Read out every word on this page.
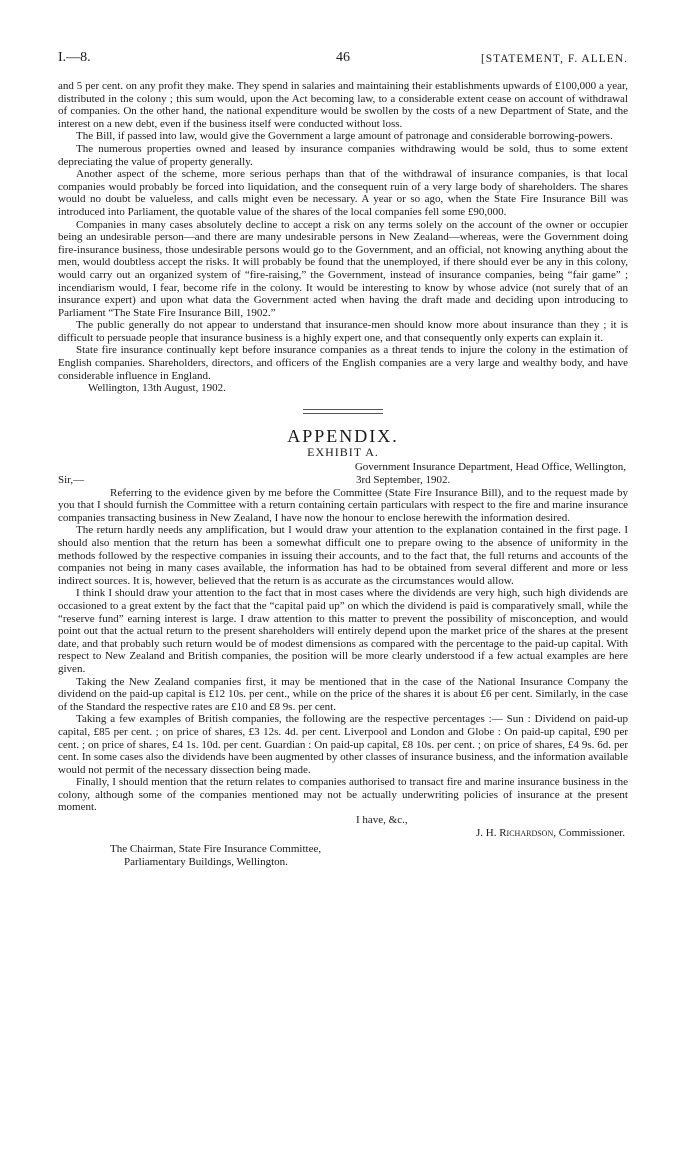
I.—8.	46	[STATEMENT, F. ALLEN.

and 5 per cent. on any profit they make. They spend in salaries and maintaining their establishments upwards of £100,000 a year, distributed in the colony ; this sum would, upon the Act becoming law, to a considerable extent cease on account of withdrawal of companies. On the other hand, the national expenditure would be swollen by the costs of a new Department of State, and the interest on a new debt, even if the business itself were conducted without loss.

The Bill, if passed into law, would give the Government a large amount of patronage and considerable borrowing-powers.

The numerous properties owned and leased by insurance companies withdrawing would be sold, thus to some extent depreciating the value of property generally.

Another aspect of the scheme, more serious perhaps than that of the withdrawal of insurance companies, is that local companies would probably be forced into liquidation, and the consequent ruin of a very large body of shareholders. The shares would no doubt be valueless, and calls might even be necessary. A year or so ago, when the State Fire Insurance Bill was introduced into Parliament, the quotable value of the shares of the local companies fell some £90,000.

Companies in many cases absolutely decline to accept a risk on any terms solely on the account of the owner or occupier being an undesirable person—and there are many undesirable persons in New Zealand—whereas, were the Government doing fire-insurance business, those undesirable persons would go to the Government, and an official, not knowing anything about the men, would doubtless accept the risks. It will probably be found that the unemployed, if there should ever be any in this colony, would carry out an organized system of “fire-raising,” the Government, instead of insurance companies, being “fair game” ; incendiarism would, I fear, become rife in the colony. It would be interesting to know by whose advice (not surely that of an insurance expert) and upon what data the Government acted when having the draft made and deciding upon introducing to Parliament “The State Fire Insurance Bill, 1902.”

The public generally do not appear to understand that insurance-men should know more about insurance than they ; it is difficult to persuade people that insurance business is a highly expert one, and that consequently only experts can explain it.

State fire insurance continually kept before insurance companies as a threat tends to injure the colony in the estimation of English companies. Shareholders, directors, and officers of the English companies are a very large and wealthy body, and have considerable influence in England.

Wellington, 13th August, 1902.

APPENDIX.
EXHIBIT A.
Government Insurance Department, Head Office, Wellington,
Sir,—	3rd September, 1902.

Referring to the evidence given by me before the Committee (State Fire Insurance Bill), and to the request made by you that I should furnish the Committee with a return containing certain particulars with respect to the fire and marine insurance companies transacting business in New Zealand, I have now the honour to enclose herewith the information desired.

The return hardly needs any amplification, but I would draw your attention to the explanation contained in the first page. I should also mention that the return has been a somewhat difficult one to prepare owing to the absence of uniformity in the methods followed by the respective companies in issuing their accounts, and to the fact that, the full returns and accounts of the companies not being in many cases available, the information has had to be obtained from several different and more or less indirect sources. It is, however, believed that the return is as accurate as the circumstances would allow.

I think I should draw your attention to the fact that in most cases where the dividends are very high, such high dividends are occasioned to a great extent by the fact that the “capital paid up” on which the dividend is paid is comparatively small, while the “reserve fund” earning interest is large. I draw attention to this matter to prevent the possibility of misconception, and would point out that the actual return to the present shareholders will entirely depend upon the market price of the shares at the present date, and that probably such return would be of modest dimensions as compared with the percentage to the paid-up capital. With respect to New Zealand and British companies, the position will be more clearly understood if a few actual examples are here given.

Taking the New Zealand companies first, it may be mentioned that in the case of the National Insurance Company the dividend on the paid-up capital is £12 10s. per cent., while on the price of the shares it is about £6 per cent. Similarly, in the case of the Standard the respective rates are £10 and £8 9s. per cent.

Taking a few examples of British companies, the following are the respective percentages :— Sun : Dividend on paid-up capital, £85 per cent. ; on price of shares, £3 12s. 4d. per cent. Liverpool and London and Globe : On paid-up capital, £90 per cent. ; on price of shares, £4 1s. 10d. per cent. Guardian : On paid-up capital, £8 10s. per cent. ; on price of shares, £4 9s. 6d. per cent. In some cases also the dividends have been augmented by other classes of insurance business, and the information available would not permit of the necessary dissection being made.

Finally, I should mention that the return relates to companies authorised to transact fire and marine insurance business in the colony, although some of the companies mentioned may not be actually underwriting policies of insurance at the present moment.

I have, &c.,
J. H. Richardson, Commissioner.
The Chairman, State Fire Insurance Committee,
Parliamentary Buildings, Wellington.
